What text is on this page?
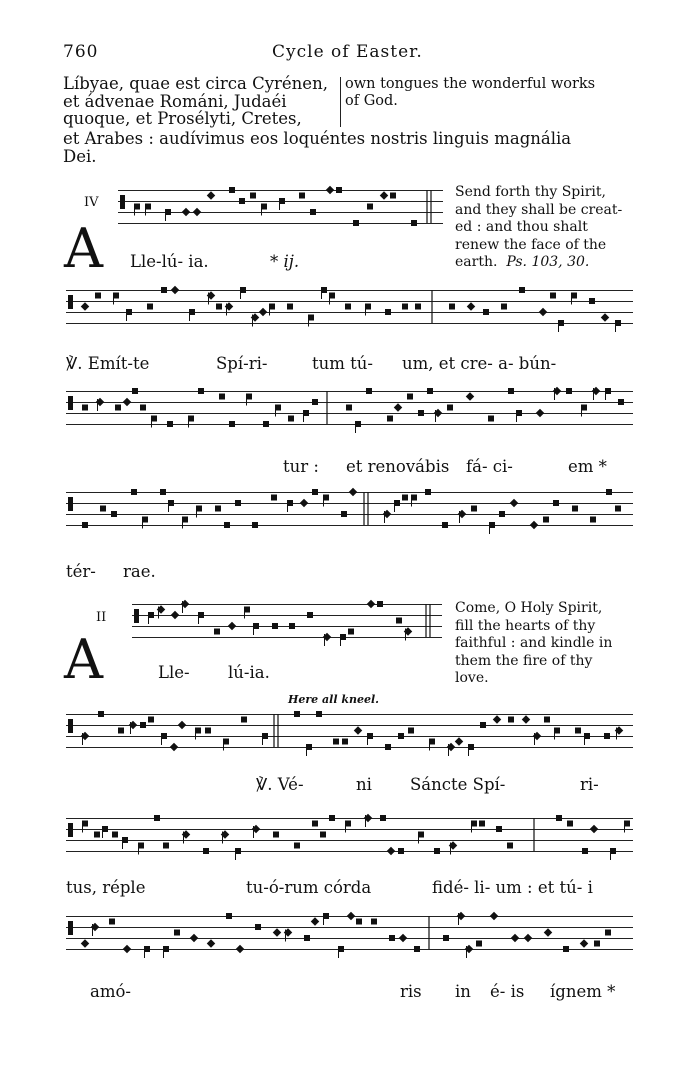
760	Cycle of Easter.
Líbyae, quae est circa Cyrénen,
et ádvenae Románi, Judaéi
quoque, et Prosélyti, Cretes,
own tongues the wonderful works
of God.
et Arabes : audívimus eos loquéntes nostris linguis magnália
Dei.
IV
A Lle-lú- ia.	* ij.
Send forth thy Spirit,
and they shall be creat-
ed : and thou shalt
renew the face of the
earth. Ps. 103, 30.
℣. Emít-te	Spí-ri-	tum tú- um, et cre- a- bún-
tur : et renovábis fá- ci-	em *
tér- rae.
II
A	Lle- lú-ia.
Come, O Holy Spirit,
fill the hearts of thy
faithful : and kindle in
them the fire of thy
love.
Here all kneel.
℣. Vé-	ni Sáncte Spí-	ri-
tus, réple	tu-ó-rum córda	fidé- li- um : et tú- i
amó-	ris in é- is ígnem *
